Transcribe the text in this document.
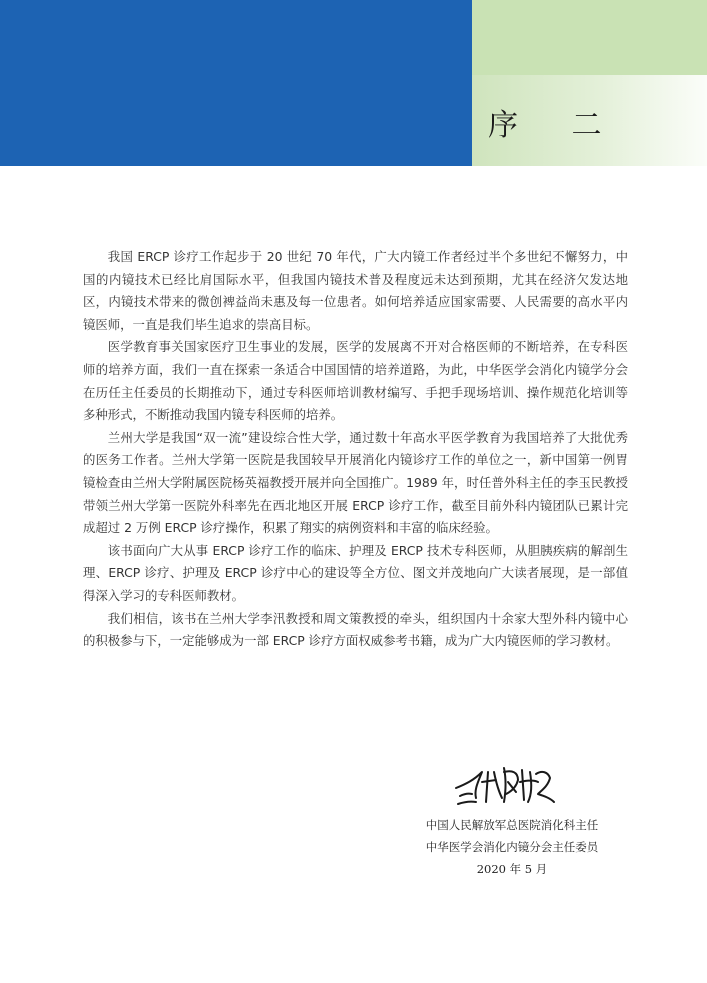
序 二

我国 ERCP 诊疗工作起步于 20 世纪 70 年代，广大内镜工作者经过半个多世纪不懈努力，中国的内镜技术已经比肩国际水平，但我国内镜技术普及程度远未达到预期，尤其在经济欠发达地区，内镜技术带来的微创裨益尚未惠及每一位患者。如何培养适应国家需要、人民需要的高水平内镜医师，一直是我们毕生追求的崇高目标。

医学教育事关国家医疗卫生事业的发展，医学的发展离不开对合格医师的不断培养，在专科医师的培养方面，我们一直在探索一条适合中国国情的培养道路，为此，中华医学会消化内镜学分会在历任主任委员的长期推动下，通过专科医师培训教材编写、手把手现场培训、操作规范化培训等多种形式，不断推动我国内镜专科医师的培养。

兰州大学是我国“双一流”建设综合性大学，通过数十年高水平医学教育为我国培养了大批优秀的医务工作者。兰州大学第一医院是我国较早开展消化内镜诊疗工作的单位之一，新中国第一例胃镜检查由兰州大学附属医院杨英福教授开展并向全国推广。1989 年，时任普外科主任的李玉民教授带领兰州大学第一医院外科率先在西北地区开展 ERCP 诊疗工作，截至目前外科内镜团队已累计完成超过 2 万例 ERCP 诊疗操作，积累了翔实的病例资料和丰富的临床经验。

该书面向广大从事 ERCP 诊疗工作的临床、护理及 ERCP 技术专科医师，从胆胰疾病的解剖生理、ERCP 诊疗、护理及 ERCP 诊疗中心的建设等全方位、图文并茂地向广大读者展现，是一部值得深入学习的专科医师教材。

我们相信，该书在兰州大学李汛教授和周文策教授的牵头，组织国内十余家大型外科内镜中心的积极参与下，一定能够成为一部 ERCP 诊疗方面权威参考书籍，成为广大内镜医师的学习教材。

中国人民解放军总医院消化科主任
中华医学会消化内镜分会主任委员
2020 年 5 月
